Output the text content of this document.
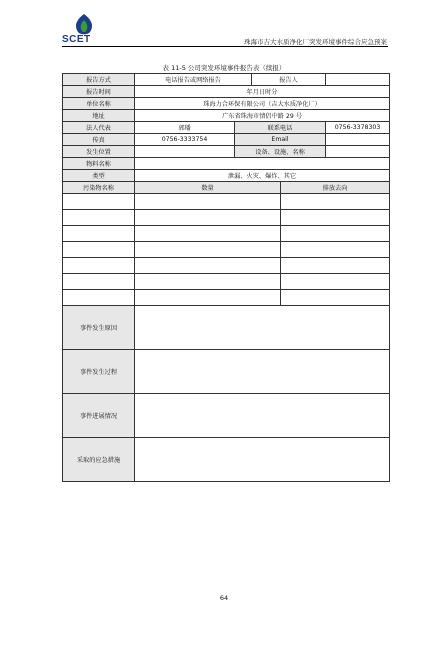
SCET	珠海市吉大水质净化厂突发环境事件综合应急预案
表 11-5 公司突发环境事件报告表（续报）
报告方式	电话报告或网络报告		报告人		
报告时间	年月日时分				
单位名称	珠海力合环保有限公司（吉大水质净化厂）				
地址	广东省珠海市情侣中路 29 号				
法人代表	郭璠	联系电话			0756-3378303
传真	0756-3333754	Email			
发生位置		设备、设施、名称			
物料名称					
类型	泄漏、火灾、爆炸、其它				
污染物名称	数量			排放去向	

事件发生原因					
事件发生过程					
事件进展情况					
采取的应急措施					
64
